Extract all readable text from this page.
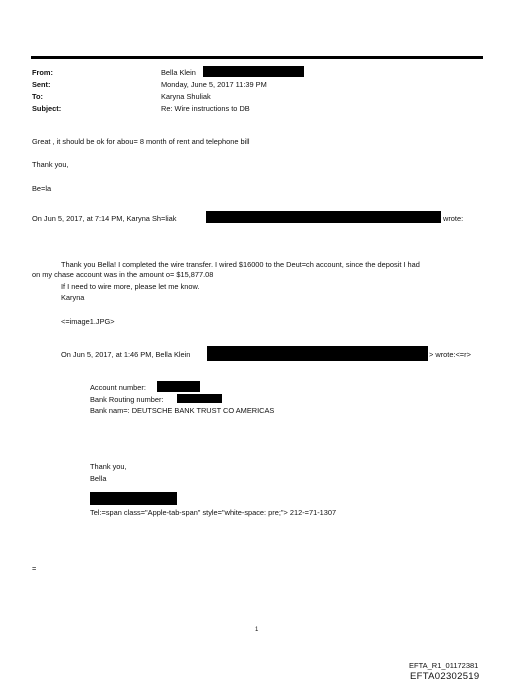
From:
Sent:
To:
Subject:
Bella Klein
Monday, June 5, 2017 11:39 PM
Karyna Shuliak
Re: Wire instructions to DB
Great , it should be ok for abou= 8 month of rent and telephone bill
Thank you,
Be=la
On Jun 5, 2017, at 7:14 PM, Karyna Sh=liak	wrote:
Thank you Bella! I completed the wire transfer. I wired $16000 to the Deut=ch account, since the deposit I had
on my chase account was in the amount o= $15,877.08
If I need to wire more, please let me know.
Karyna
<=image1.JPG>
On Jun 5, 2017, at 1:46 PM, Bella Klein	> wrote:<=r>
Account number:
Bank Routing number:
Bank nam=: DEUTSCHE BANK TRUST CO AMERICAS
Thank you,
Bella
Tel:=span class="Apple-tab-span" style="white-space: pre;"> 212-=71-1307
=
1
EFTA_R1_01172381
EFTA02302519
